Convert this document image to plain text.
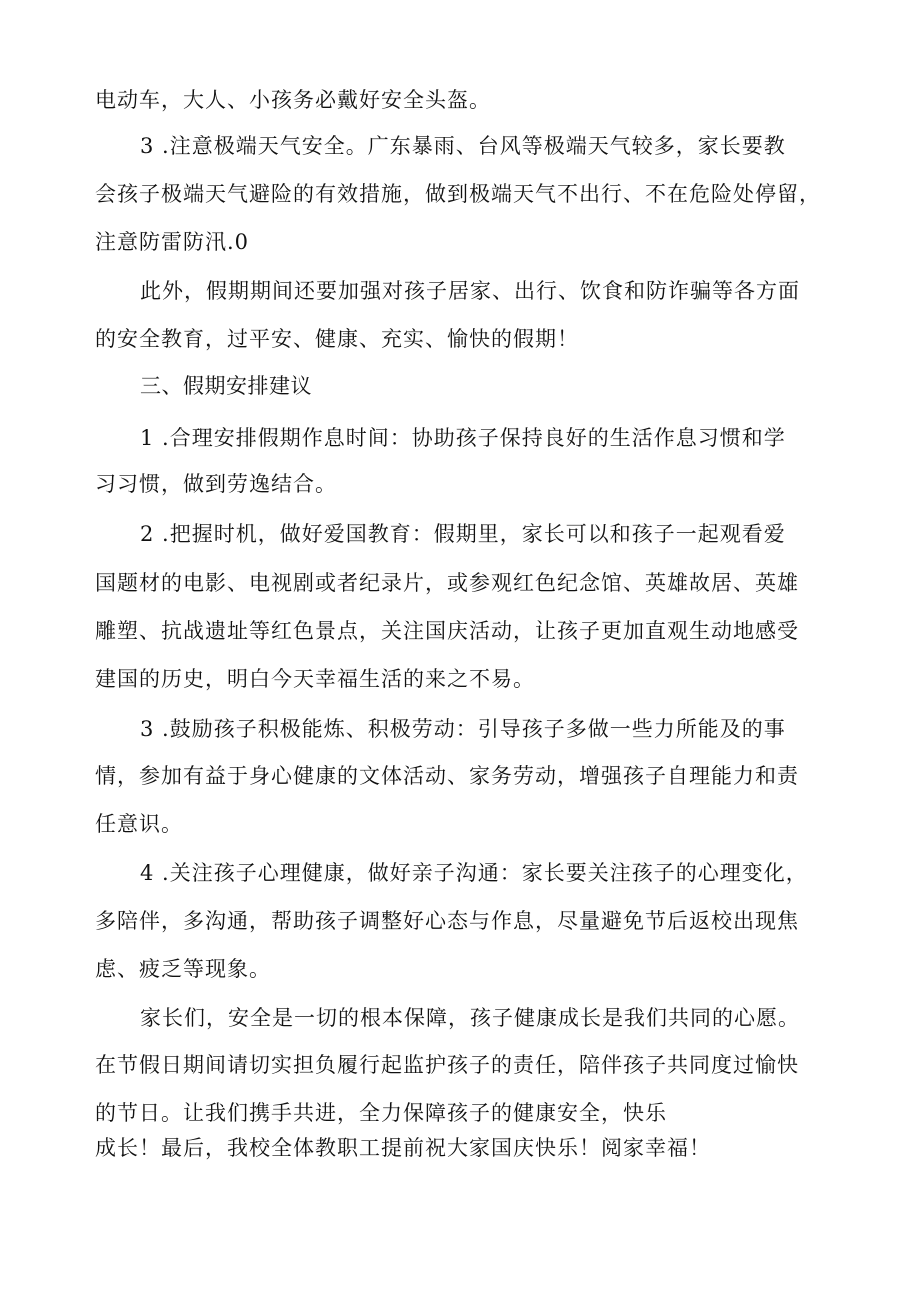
电动车，大人、小孩务必戴好安全头盔。
3 .注意极端天气安全。广东暴雨、台风等极端天气较多，家长要教
会孩子极端天气避险的有效措施，做到极端天气不出行、不在危险处停留，
注意防雷防汛.0
此外，假期期间还要加强对孩子居家、出行、饮食和防诈骗等各方面
的安全教育，过平安、健康、充实、愉快的假期！
三、假期安排建议
1 .合理安排假期作息时间：协助孩子保持良好的生活作息习惯和学
习习惯，做到劳逸结合。
2 .把握时机，做好爱国教育：假期里，家长可以和孩子一起观看爱
国题材的电影、电视剧或者纪录片，或参观红色纪念馆、英雄故居、英雄
雕塑、抗战遗址等红色景点，关注国庆活动，让孩子更加直观生动地感受
建国的历史，明白今天幸福生活的来之不易。
3 .鼓励孩子积极能炼、积极劳动：引导孩子多做一些力所能及的事
情，参加有益于身心健康的文体活动、家务劳动，增强孩子自理能力和责
任意识。
4 .关注孩子心理健康，做好亲子沟通：家长要关注孩子的心理变化，
多陪伴，多沟通，帮助孩子调整好心态与作息，尽量避免节后返校出现焦
虑、疲乏等现象。
家长们，安全是一切的根本保障，孩子健康成长是我们共同的心愿。
在节假日期间请切实担负履行起监护孩子的责任，陪伴孩子共同度过愉快
的节日。让我们携手共进，全力保障孩子的健康安全，快乐
成长！最后，我校全体教职工提前祝大家国庆快乐！阅家幸福！
